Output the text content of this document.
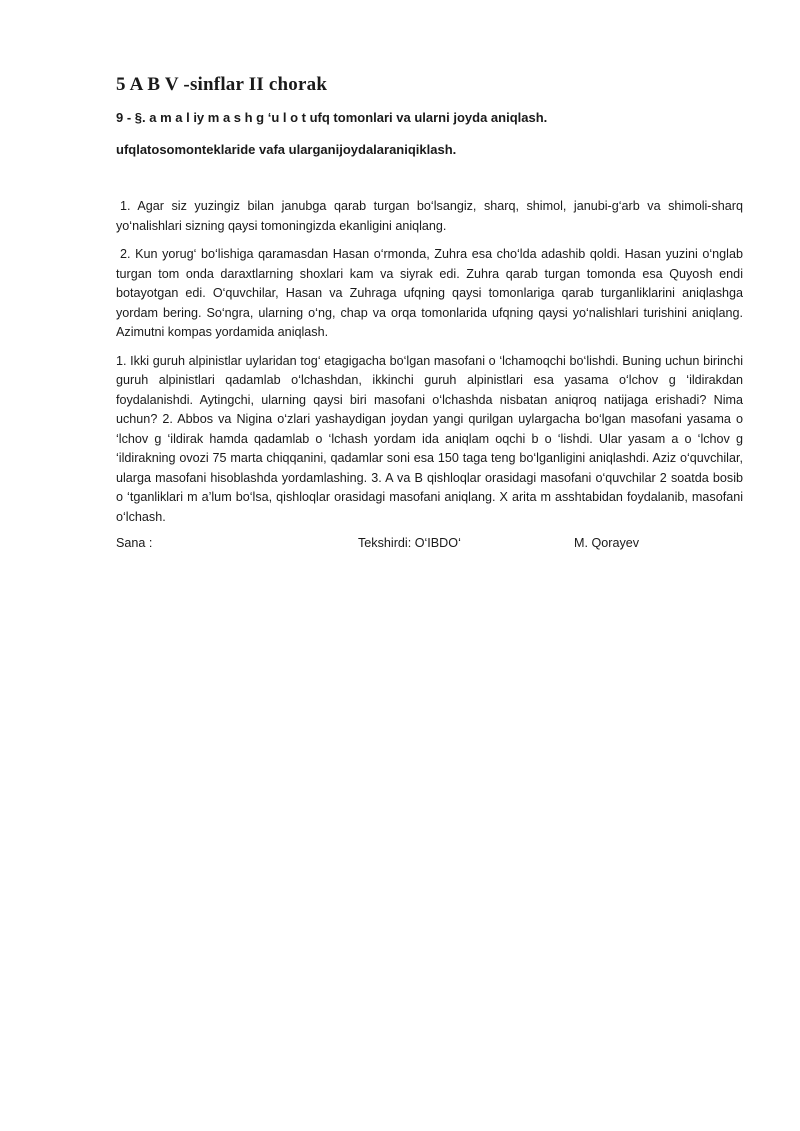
5 A B V -sinflar II chorak
9 - §. a m a l iy m a s h g ‘u l o t ufq tomonlari va ularni joyda aniqlash.
ufqlatosomonteklaride vafa ularganijoydalaraniqiklash.

1. Agar siz yuzingiz bilan janubga qarab turgan bo‘lsangiz, sharq, shimol, janubi-g‘arb va shimoli-sharq yo‘nalishlari sizning qaysi tomoningizda ekanligini aniqlang.

2. Kun yorug‘ bo‘lishiga qaramasdan Hasan o‘rmonda, Zuhra esa cho‘lda adashib qoldi. Hasan yuzini o‘nglab turgan tom onda daraxtlarning shoxlari kam va siyrak edi. Zuhra qarab turgan tomonda esa Quyosh endi botayotgan edi. O‘quvchilar, Hasan va Zuhraga ufqning qaysi tomonlariga qarab turganliklarini aniqlashga yordam bering. So‘ngra, ularning o‘ng, chap va orqa tomonlarida ufqning qaysi yo‘nalishlari turishini aniqlang. Azimutni kompas yordamida aniqlash.

1. Ikki guruh alpinistlar uylaridan tog‘ etagigacha bo‘lgan masofani o ‘lchamoqchi bo‘lishdi. Buning uchun birinchi guruh alpinistlari qadamlab o‘lchashdan, ikkinchi guruh alpinistlari esa yasama o‘lchov g ‘ildirakdan foydalanishdi. Aytingchi, ularning qaysi biri masofani o‘lchashda nisbatan aniqroq natijaga erishadi? Nima uchun? 2. Abbos va Nigina o‘zlari yashaydigan joydan yangi qurilgan uylargacha bo‘lgan masofani yasama o ‘lchov g ‘ildirak hamda qadamlab o ‘lchash yordam ida aniqlam oqchi b o ‘lishdi. Ular yasam a o ‘lchov g ‘ildirakning ovozi 75 marta chiqqanini, qadamlar soni esa 150 taga teng bo‘lganligini aniqlashdi. Aziz o‘quvchilar, ularga masofani hisoblashda yordamlashing. 3. A va B qishloqlar orasidagi masofani o‘quvchilar 2 soatda bosib o ‘tganliklari m a’lum bo‘lsa, qishloqlar orasidagi masofani aniqlang. X arita m asshtabidan foydalanib, masofani o‘lchash.

Sana :	Tekshirdi: O‘IBDO‘	M. Qorayev
